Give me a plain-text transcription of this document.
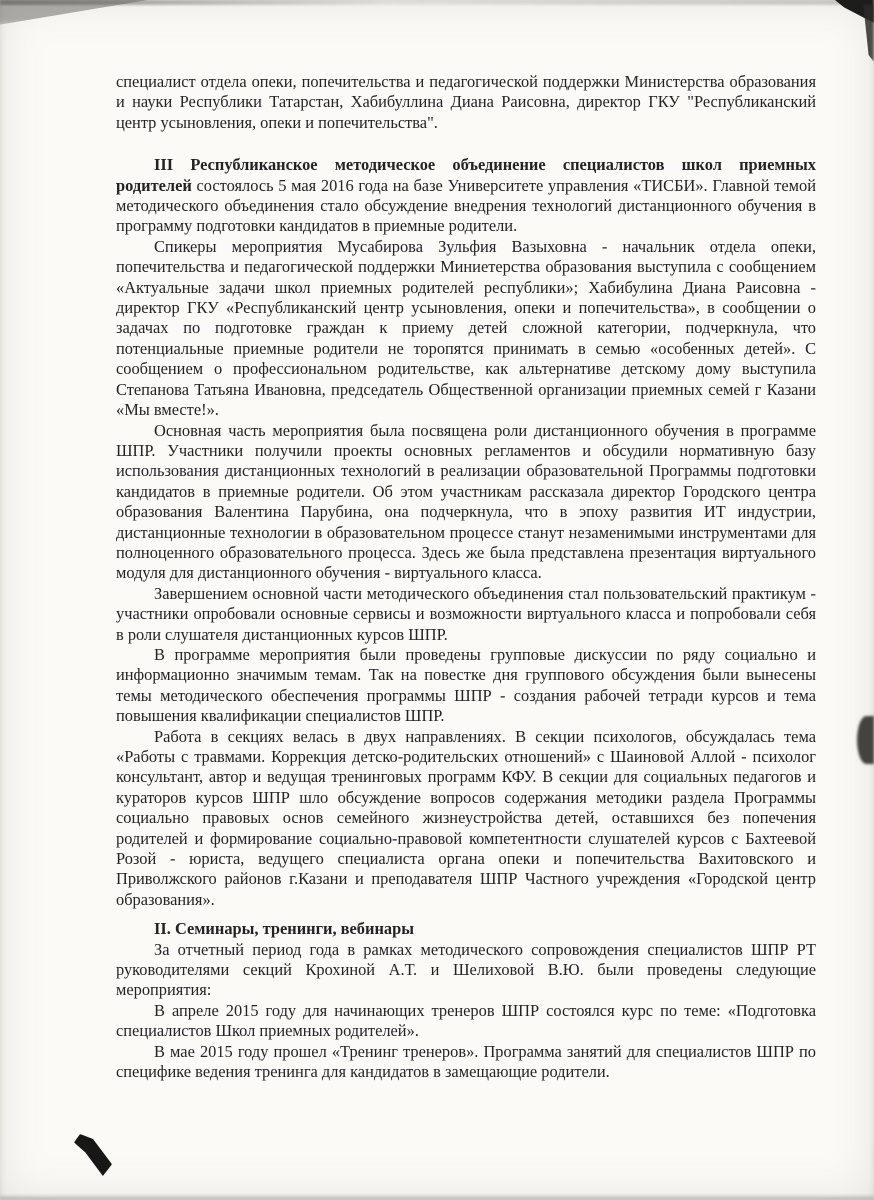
специалист отдела опеки, попечительства и педагогической поддержки Министерства образования и науки Республики Татарстан, Хабибуллина Диана Раисовна, директор ГКУ "Республиканский центр усыновления, опеки и попечительства".

III Республиканское методическое объединение специалистов школ приемных родителей состоялось 5 мая 2016 года на базе Университете управления «ТИСБИ». Главной темой методического объединения стало обсуждение внедрения технологий дистанционного обучения в программу подготовки кандидатов в приемные родители.

Спикеры мероприятия Мусабирова Зульфия Вазыховна - начальник отдела опеки, попечительства и педагогической поддержки Миниетерства образования выступила с сообщением «Актуальные задачи школ приемных родителей республики»; Хабибулина Диана Раисовна - директор ГКУ «Республиканский центр усыновления, опеки и попечительства», в сообщении о задачах по подготовке граждан к приему детей сложной категории, подчеркнула, что потенциальные приемные родители не торопятся принимать в семью «особенных детей». С сообщением о профессиональном родительстве, как альтернативе детскому дому выступила Степанова Татьяна Ивановна, председатель Общественной организации приемных семей г Казани «Мы вместе!».

Основная часть мероприятия была посвящена роли дистанционного обучения в программе ШПР. Участники получили проекты основных регламентов и обсудили нормативную базу использования дистанционных технологий в реализации образовательной Программы подготовки кандидатов в приемные родители. Об этом участникам рассказала директор Городского центра образования Валентина Парубина, она подчеркнула, что в эпоху развития ИТ индустрии, дистанционные технологии в образовательном процессе станут незаменимыми инструментами для полноценного образовательного процесса. Здесь же была представлена презентация виртуального модуля для дистанционного обучения - виртуального класса.

Завершением основной части методического объединения стал пользовательский практикум - участники опробовали основные сервисы и возможности виртуального класса и попробовали себя в роли слушателя дистанционных курсов ШПР.

В программе мероприятия были проведены групповые дискуссии по ряду социально и информационно значимым темам. Так на повестке дня группового обсуждения были вынесены темы методического обеспечения программы ШПР - создания рабочей тетради курсов и тема повышения квалификации специалистов ШПР.

Работа в секциях велась в двух направлениях. В секции психологов, обсуждалась тема «Работы с травмами. Коррекция детско-родительских отношений» с Шаиновой Аллой - психолог консультант, автор и ведущая тренинговых программ КФУ. В секции для социальных педагогов и кураторов курсов ШПР шло обсуждение вопросов содержания методики раздела Программы социально правовых основ семейного жизнеустройства детей, оставшихся без попечения родителей и формирование социально-правовой компетентности слушателей курсов с Бахтеевой Розой - юриста, ведущего специалиста органа опеки и попечительства Вахитовского и Приволжского районов г.Казани и преподавателя ШПР Частного учреждения «Городской центр образования».

II. Семинары, тренинги, вебинары

За отчетный период года в рамках методического сопровождения специалистов ШПР РТ руководителями секций Крохиной А.Т. и Шелиховой В.Ю. были проведены следующие мероприятия:

В апреле 2015 году для начинающих тренеров ШПР состоялся курс по теме: «Подготовка специалистов Школ приемных родителей».

В мае 2015 году прошел «Тренинг тренеров». Программа занятий для специалистов ШПР по специфике ведения тренинга для кандидатов в замещающие родители.
